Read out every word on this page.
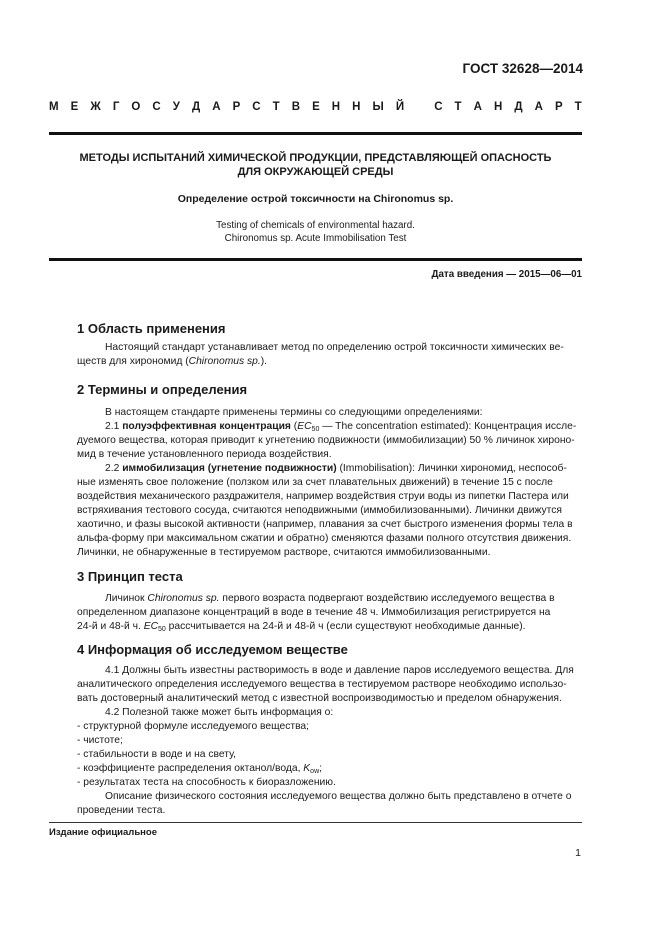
ГОСТ 32628—2014
М Е Ж Г О С У Д А Р С Т В Е Н Н Ы Й	С Т А Н Д А Р Т
МЕТОДЫ ИСПЫТАНИЙ ХИМИЧЕСКОЙ ПРОДУКЦИИ, ПРЕДСТАВЛЯЮЩЕЙ ОПАСНОСТЬ
ДЛЯ ОКРУЖАЮЩЕЙ СРЕДЫ
Определение острой токсичности на Chironomus sp.
Testing of chemicals of environmental hazard.
Chironomus sp. Acute Immobilisation Test
Дата введения — 2015—06—01
1 Область применения
Настоящий стандарт устанавливает метод по определению острой токсичности химических ве-
ществ для хирономид (Chironomus sp.).
2 Термины и определения
В настоящем стандарте применены термины со следующими определениями:
2.1 полуэффективная концентрация ($EC_{50}$ — The concentration estimated): Концентрация иссле-
дуемого вещества, которая приводит к угнетению подвижности (иммобилизации) 50 % личинок хироно-
мид в течение установленного периода воздействия.
2.2 иммобилизация (угнетение подвижности) (Immobilisation): Личинки хирономид, неспособ-
ные изменять свое положение (ползком или за счет плавательных движений) в течение 15 с после
воздействия механического раздражителя, например воздействия струи воды из пипетки Пастера или
встряхивания тестового сосуда, считаются неподвижными (иммобилизованными). Личинки движутся
хаотично, и фазы высокой активности (например, плавания за счет быстрого изменения формы тела в
альфа-форму при максимальном сжатии и обратно) сменяются фазами полного отсутствия движения.
Личинки, не обнаруженные в тестируемом растворе, считаются иммобилизованными.
3 Принцип теста
Личинок Chironomus sp. первого возраста подвергают воздействию исследуемого вещества в
определенном диапазоне концентраций в воде в течение 48 ч. Иммобилизация регистрируется на
24-й и 48-й ч. $EC_{50}$ рассчитывается на 24-й и 48-й ч (если существуют необходимые данные).
4 Информация об исследуемом веществе
4.1 Должны быть известны растворимость в воде и давление паров исследуемого вещества. Для
аналитического определения исследуемого вещества в тестируемом растворе необходимо использо-
вать достоверный аналитический метод с известной воспроизводимостью и пределом обнаружения.
4.2 Полезной также может быть информация о:
- структурной формуле исследуемого вещества;
- чистоте;
- стабильности в воде и на свету,
- коэффициенте распределения октанол/вода, $K_{ow}$;
- результатах теста на способность к биоразложению.
Описание физического состояния исследуемого вещества должно быть представлено в отчете о
проведении теста.
Издание официальное
1
